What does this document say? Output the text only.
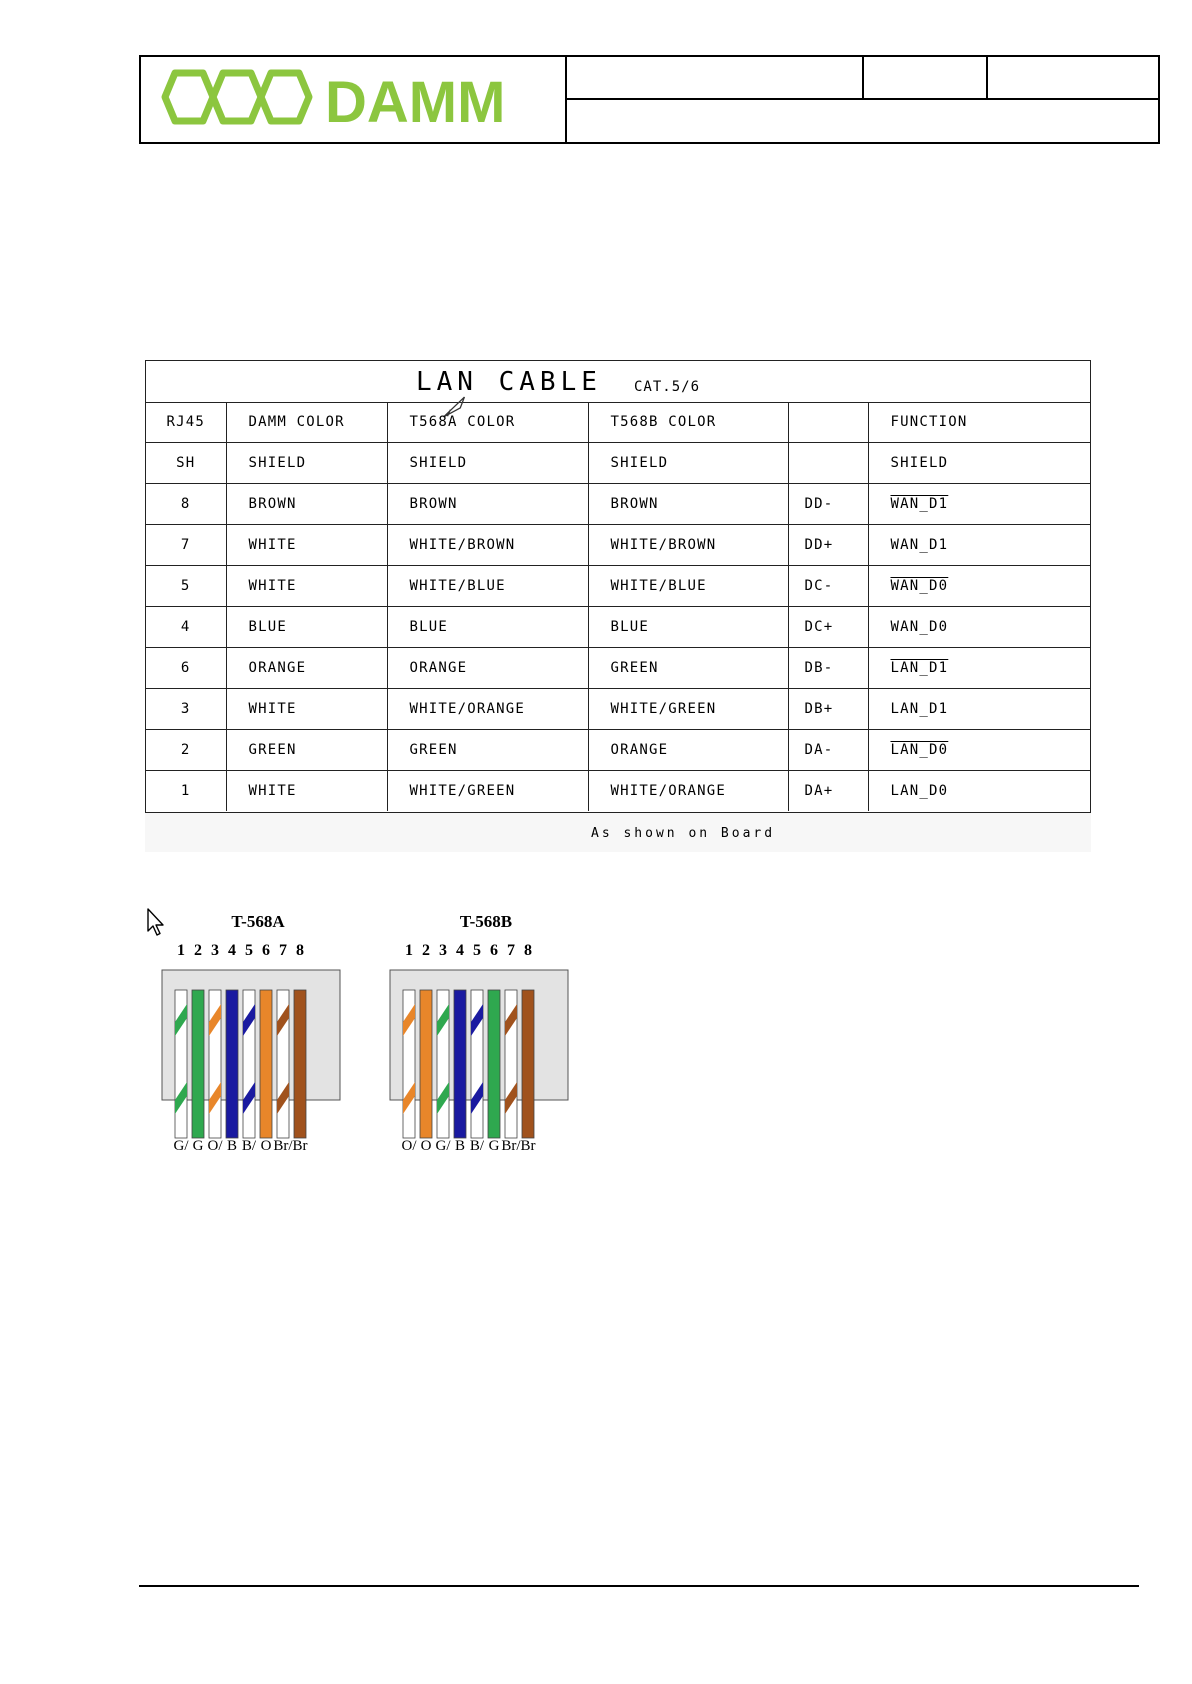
DAMM
LAN CABLE CAT.5/6
RJ45	DAMM COLOR	T568A COLOR	T568B COLOR		FUNCTION
SH	SHIELD	SHIELD	SHIELD		SHIELD
8	BROWN	BROWN	BROWN	DD-	WAN_D1
7	WHITE	WHITE/BROWN	WHITE/BROWN	DD+	WAN_D1
5	WHITE	WHITE/BLUE	WHITE/BLUE	DC-	WAN_D0
4	BLUE	BLUE	BLUE	DC+	WAN_D0
6	ORANGE	ORANGE	GREEN	DB-	LAN_D1
3	WHITE	WHITE/ORANGE	WHITE/GREEN	DB+	LAN_D1
2	GREEN	GREEN	ORANGE	DA-	LAN_D0
1	WHITE	WHITE/GREEN	WHITE/ORANGE	DA+	LAN_D0
As shown on Board
T-568A
1 2 3 4 5 6 7 8
G/ G O/ B B/ O Br/ Br
T-568B
1 2 3 4 5 6 7 8
O/ O G/ B B/ G Br/ Br
